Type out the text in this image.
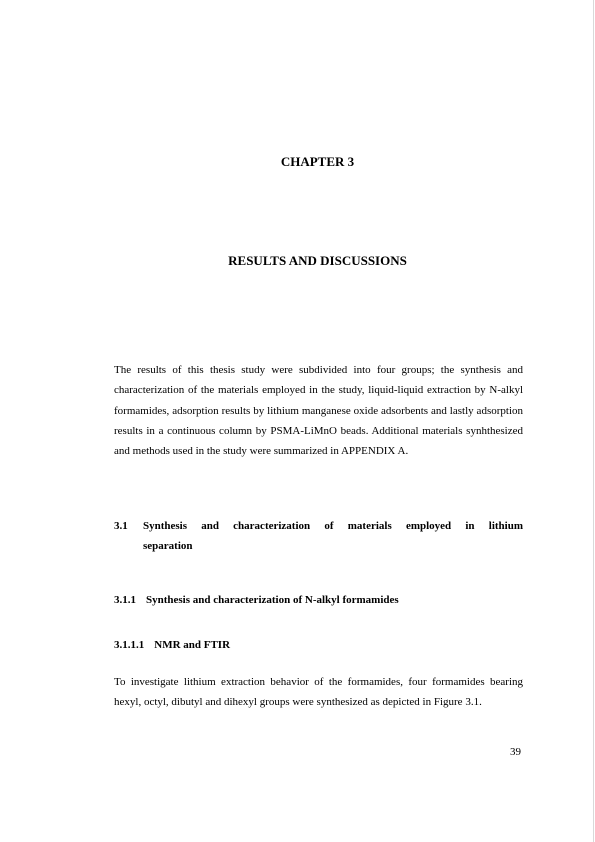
CHAPTER 3
RESULTS AND DISCUSSIONS

The results of this thesis study were subdivided into four groups; the synthesis and characterization of the materials employed in the study, liquid-liquid extraction by N-alkyl formamides, adsorption results by lithium manganese oxide adsorbents and lastly adsorption results in a continuous column by PSMA-LiMnO beads. Additional materials synhthesized and methods used in the study were summarized in APPENDIX A.

3.1 Synthesis and characterization of materials employed in lithium
separation
3.1.1 Synthesis and characterization of N-alkyl formamides
3.1.1.1 NMR and FTIR

To investigate lithium extraction behavior of the formamides, four formamides bearing hexyl, octyl, dibutyl and dihexyl groups were synthesized as depicted in Figure 3.1.

39
